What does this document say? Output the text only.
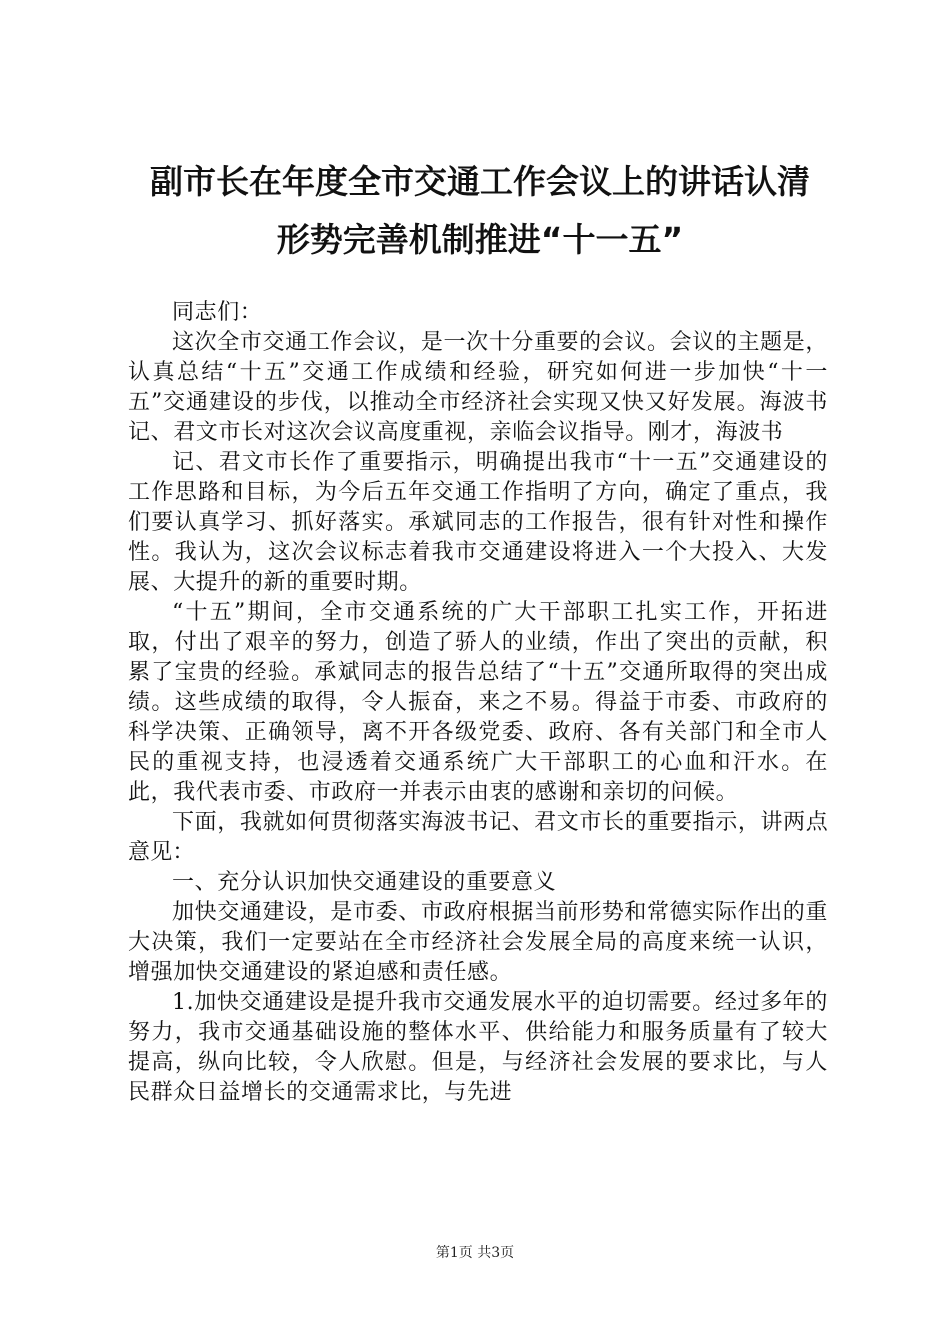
副市长在年度全市交通工作会议上的讲话认清
形势完善机制推进“十一五”

同志们：

这次全市交通工作会议，是一次十分重要的会议。会议的主题是，认真总结“十五”交通工作成绩和经验，研究如何进一步加快“十一五”交通建设的步伐，以推动全市经济社会实现又快又好发展。海波书记、君文市长对这次会议高度重视，亲临会议指导。刚才，海波书

记、君文市长作了重要指示，明确提出我市“十一五”交通建设的工作思路和目标，为今后五年交通工作指明了方向，确定了重点，我们要认真学习、抓好落实。承斌同志的工作报告，很有针对性和操作性。我认为，这次会议标志着我市交通建设将进入一个大投入、大发展、大提升的新的重要时期。

“十五”期间，全市交通系统的广大干部职工扎实工作，开拓进取，付出了艰辛的努力，创造了骄人的业绩，作出了突出的贡献，积累了宝贵的经验。承斌同志的报告总结了“十五”交通所取得的突出成绩。这些成绩的取得，令人振奋，来之不易。得益于市委、市政府的科学决策、正确领导，离不开各级党委、政府、各有关部门和全市人民的重视支持，也浸透着交通系统广大干部职工的心血和汗水。在此，我代表市委、市政府一并表示由衷的感谢和亲切的问候。

下面，我就如何贯彻落实海波书记、君文市长的重要指示，讲两点意见：

一、充分认识加快交通建设的重要意义

加快交通建设，是市委、市政府根据当前形势和常德实际作出的重大决策，我们一定要站在全市经济社会发展全局的高度来统一认识，增强加快交通建设的紧迫感和责任感。

1.加快交通建设是提升我市交通发展水平的迫切需要。经过多年的努力，我市交通基础设施的整体水平、供给能力和服务质量有了较大提高，纵向比较，令人欣慰。但是，与经济社会发展的要求比，与人民群众日益增长的交通需求比，与先进

第1页 共3页
